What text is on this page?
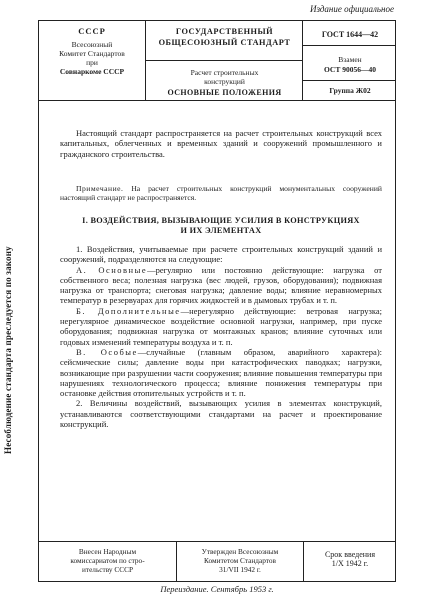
Издание официальное
Несоблюдение стандарта преследуется по закону
СССР
Всесоюзный
Комитет Стандартов
при
Совнаркоме СССР
ГОСУДАРСТВЕННЫЙ
ОБЩЕСОЮЗНЫЙ СТАНДАРТ
Расчет строительных
конструкций
ОСНОВНЫЕ ПОЛОЖЕНИЯ
ГОСТ 1644—42
Взамен
ОСТ 90056—40
Группа Ж02

Настоящий стандарт распространяется на расчет строительных конструкций всех капитальных, облегченных и временных зданий и сооружений промышленного и гражданского строительства.

Примечание. На расчет строительных конструкций монументальных сооружений настоящий стандарт не распространяется.

I. ВОЗДЕЙСТВИЯ, ВЫЗЫВАЮЩИЕ УСИЛИЯ В КОНСТРУКЦИЯХ
И ИХ ЭЛЕМЕНТАХ

1. Воздействия, учитываемые при расчете строительных конструкций зданий и сооружений, подразделяются на следующие:

А. Основные—регулярно или постоянно действующие: нагрузка от собственного веса; полезная нагрузка (вес людей, грузов, оборудования); подвижная нагрузка от транспорта; снеговая нагрузка; давление воды; влияние неравномерных температур в резервуарах для горячих жидкостей и в дымовых трубах и т. п.

Б. Дополнительные—нерегулярно действующие: ветровая нагрузка; нерегулярное динамическое воздействие основной нагрузки, например, при пуске оборудования; подвижная нагрузка от монтажных кранов; влияние суточных или годовых изменений температуры воздуха и т. п.

В. Особые—случайные (главным образом, аварийного характера): сейсмические силы; давление воды при катастрофических паводках; нагрузки, возникающие при разрушении части сооружения; влияние повышения температуры при нарушениях технологического процесса; влияние понижения температуры при остановке действия отопительных устройств и т. п.

2. Величины воздействий, вызывающих усилия в элементах конструкций, устанавливаются соответствующими стандартами на расчет и проектирование конструкций.

Внесен Народным
комиссариатом по стро-
ительству СССР
Утвержден Всесоюзным
Комитетом Стандартов
31/VII 1942 г.
Срок введения
1/X 1942 г.
Переиздание. Сентябрь 1953 г.
